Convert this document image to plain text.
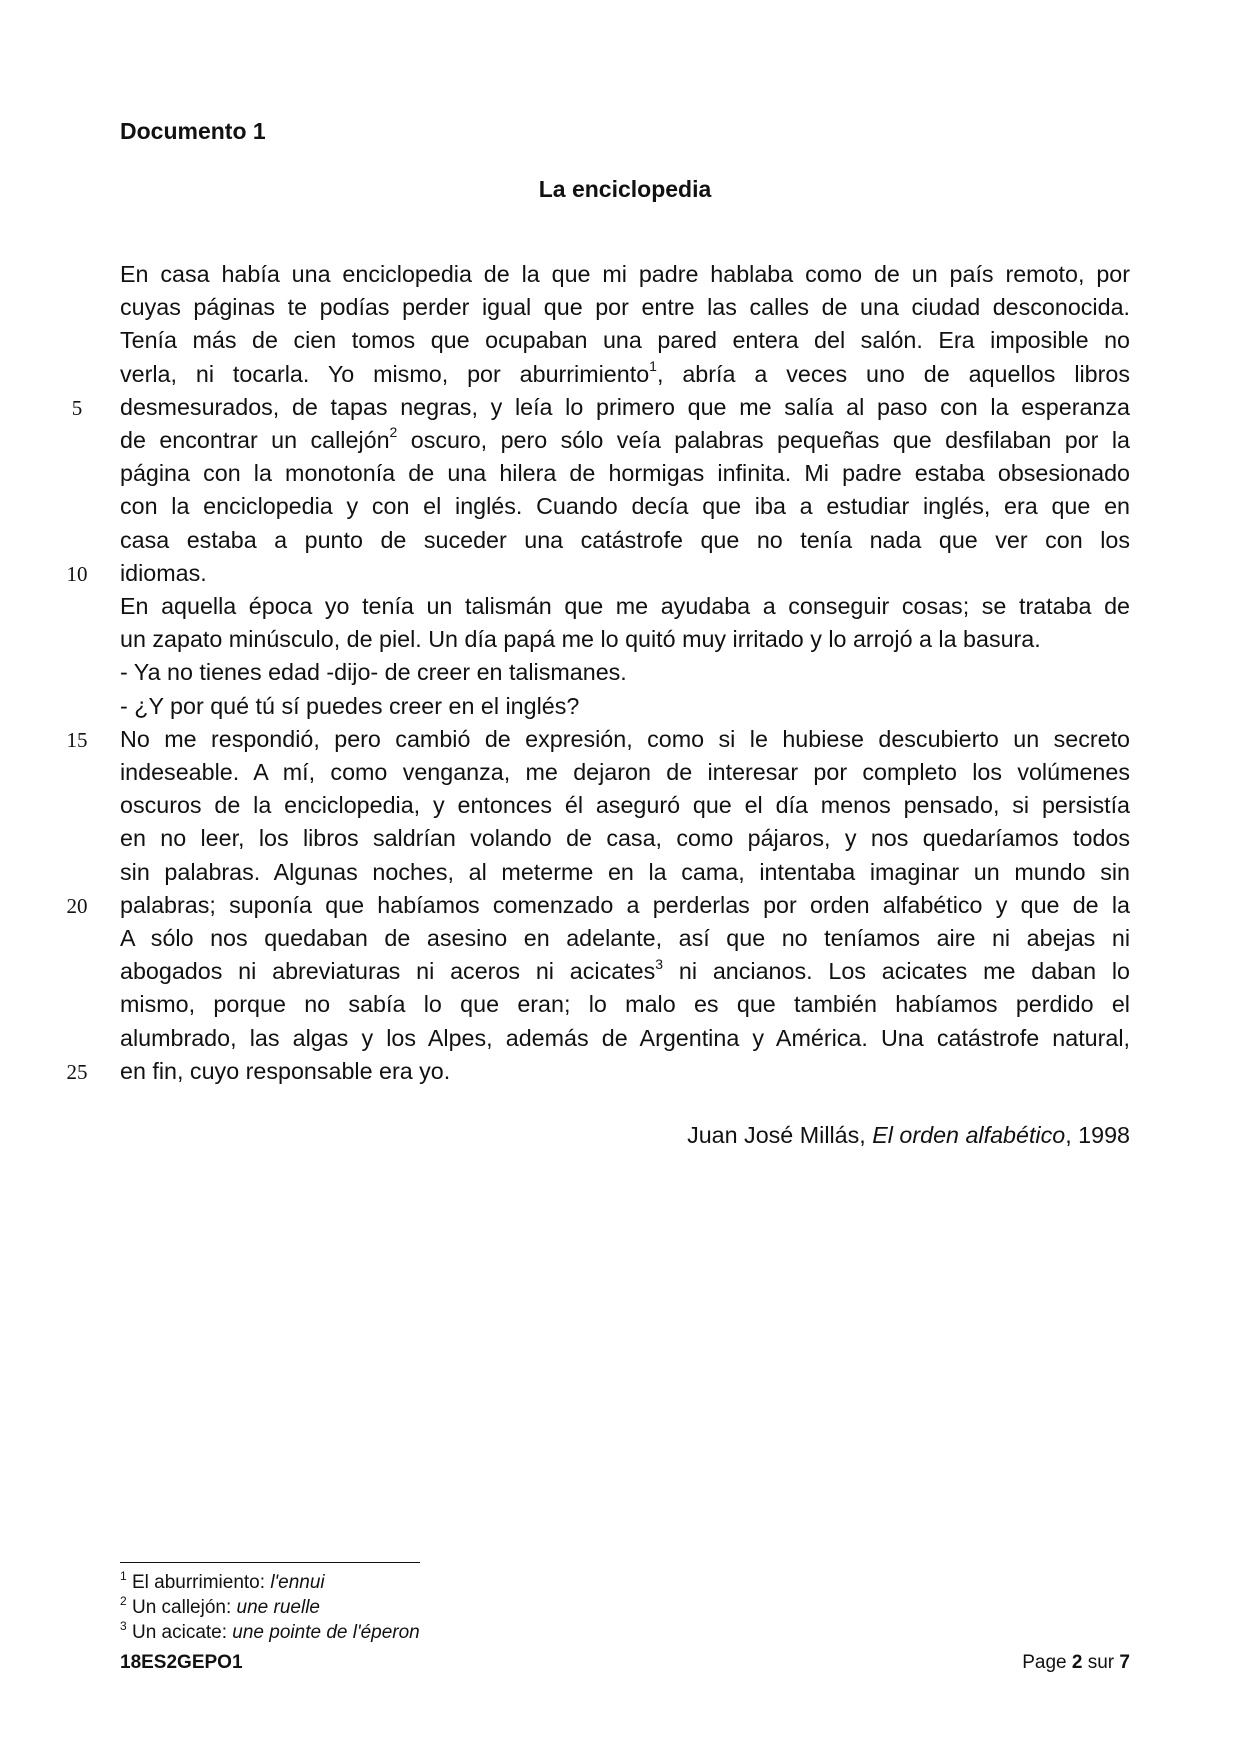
Documento 1
La enciclopedia
En casa había una enciclopedia de la que mi padre hablaba como de un país remoto, por
cuyas páginas te podías perder igual que por entre las calles de una ciudad desconocida.
Tenía más de cien tomos que ocupaban una pared entera del salón. Era imposible no
verla, ni tocarla. Yo mismo, por aburrimiento$^1$, abría a veces uno de aquellos libros
desmesurados, de tapas negras, y leía lo primero que me salía al paso con la esperanza
de encontrar un callejón$^2$ oscuro, pero sólo veía palabras pequeñas que desfilaban por la
página con la monotonía de una hilera de hormigas infinita. Mi padre estaba obsesionado
con la enciclopedia y con el inglés. Cuando decía que iba a estudiar inglés, era que en
casa estaba a punto de suceder una catástrofe que no tenía nada que ver con los
idiomas.
En aquella época yo tenía un talismán que me ayudaba a conseguir cosas; se trataba de
un zapato minúsculo, de piel. Un día papá me lo quitó muy irritado y lo arrojó a la basura.
- Ya no tienes edad -dijo- de creer en talismanes.
- ¿Y por qué tú sí puedes creer en el inglés?
No me respondió, pero cambió de expresión, como si le hubiese descubierto un secreto
indeseable. A mí, como venganza, me dejaron de interesar por completo los volúmenes
oscuros de la enciclopedia, y entonces él aseguró que el día menos pensado, si persistía
en no leer, los libros saldrían volando de casa, como pájaros, y nos quedaríamos todos
sin palabras. Algunas noches, al meterme en la cama, intentaba imaginar un mundo sin
palabras; suponía que habíamos comenzado a perderlas por orden alfabético y que de la
A sólo nos quedaban de asesino en adelante, así que no teníamos aire ni abejas ni
abogados ni abreviaturas ni aceros ni acicates$^3$ ni ancianos. Los acicates me daban lo
mismo, porque no sabía lo que eran; lo malo es que también habíamos perdido el
alumbrado, las algas y los Alpes, además de Argentina y América. Una catástrofe natural,
en fin, cuyo responsable era yo.
5
10
15
20
25
Juan José Millás, El orden alfabético, 1998
$^1$ El aburrimiento: l'ennui
$^2$ Un callejón: une ruelle
$^3$ Un acicate: une pointe de l'éperon
18ES2GEPO1	Page 2 sur 7
